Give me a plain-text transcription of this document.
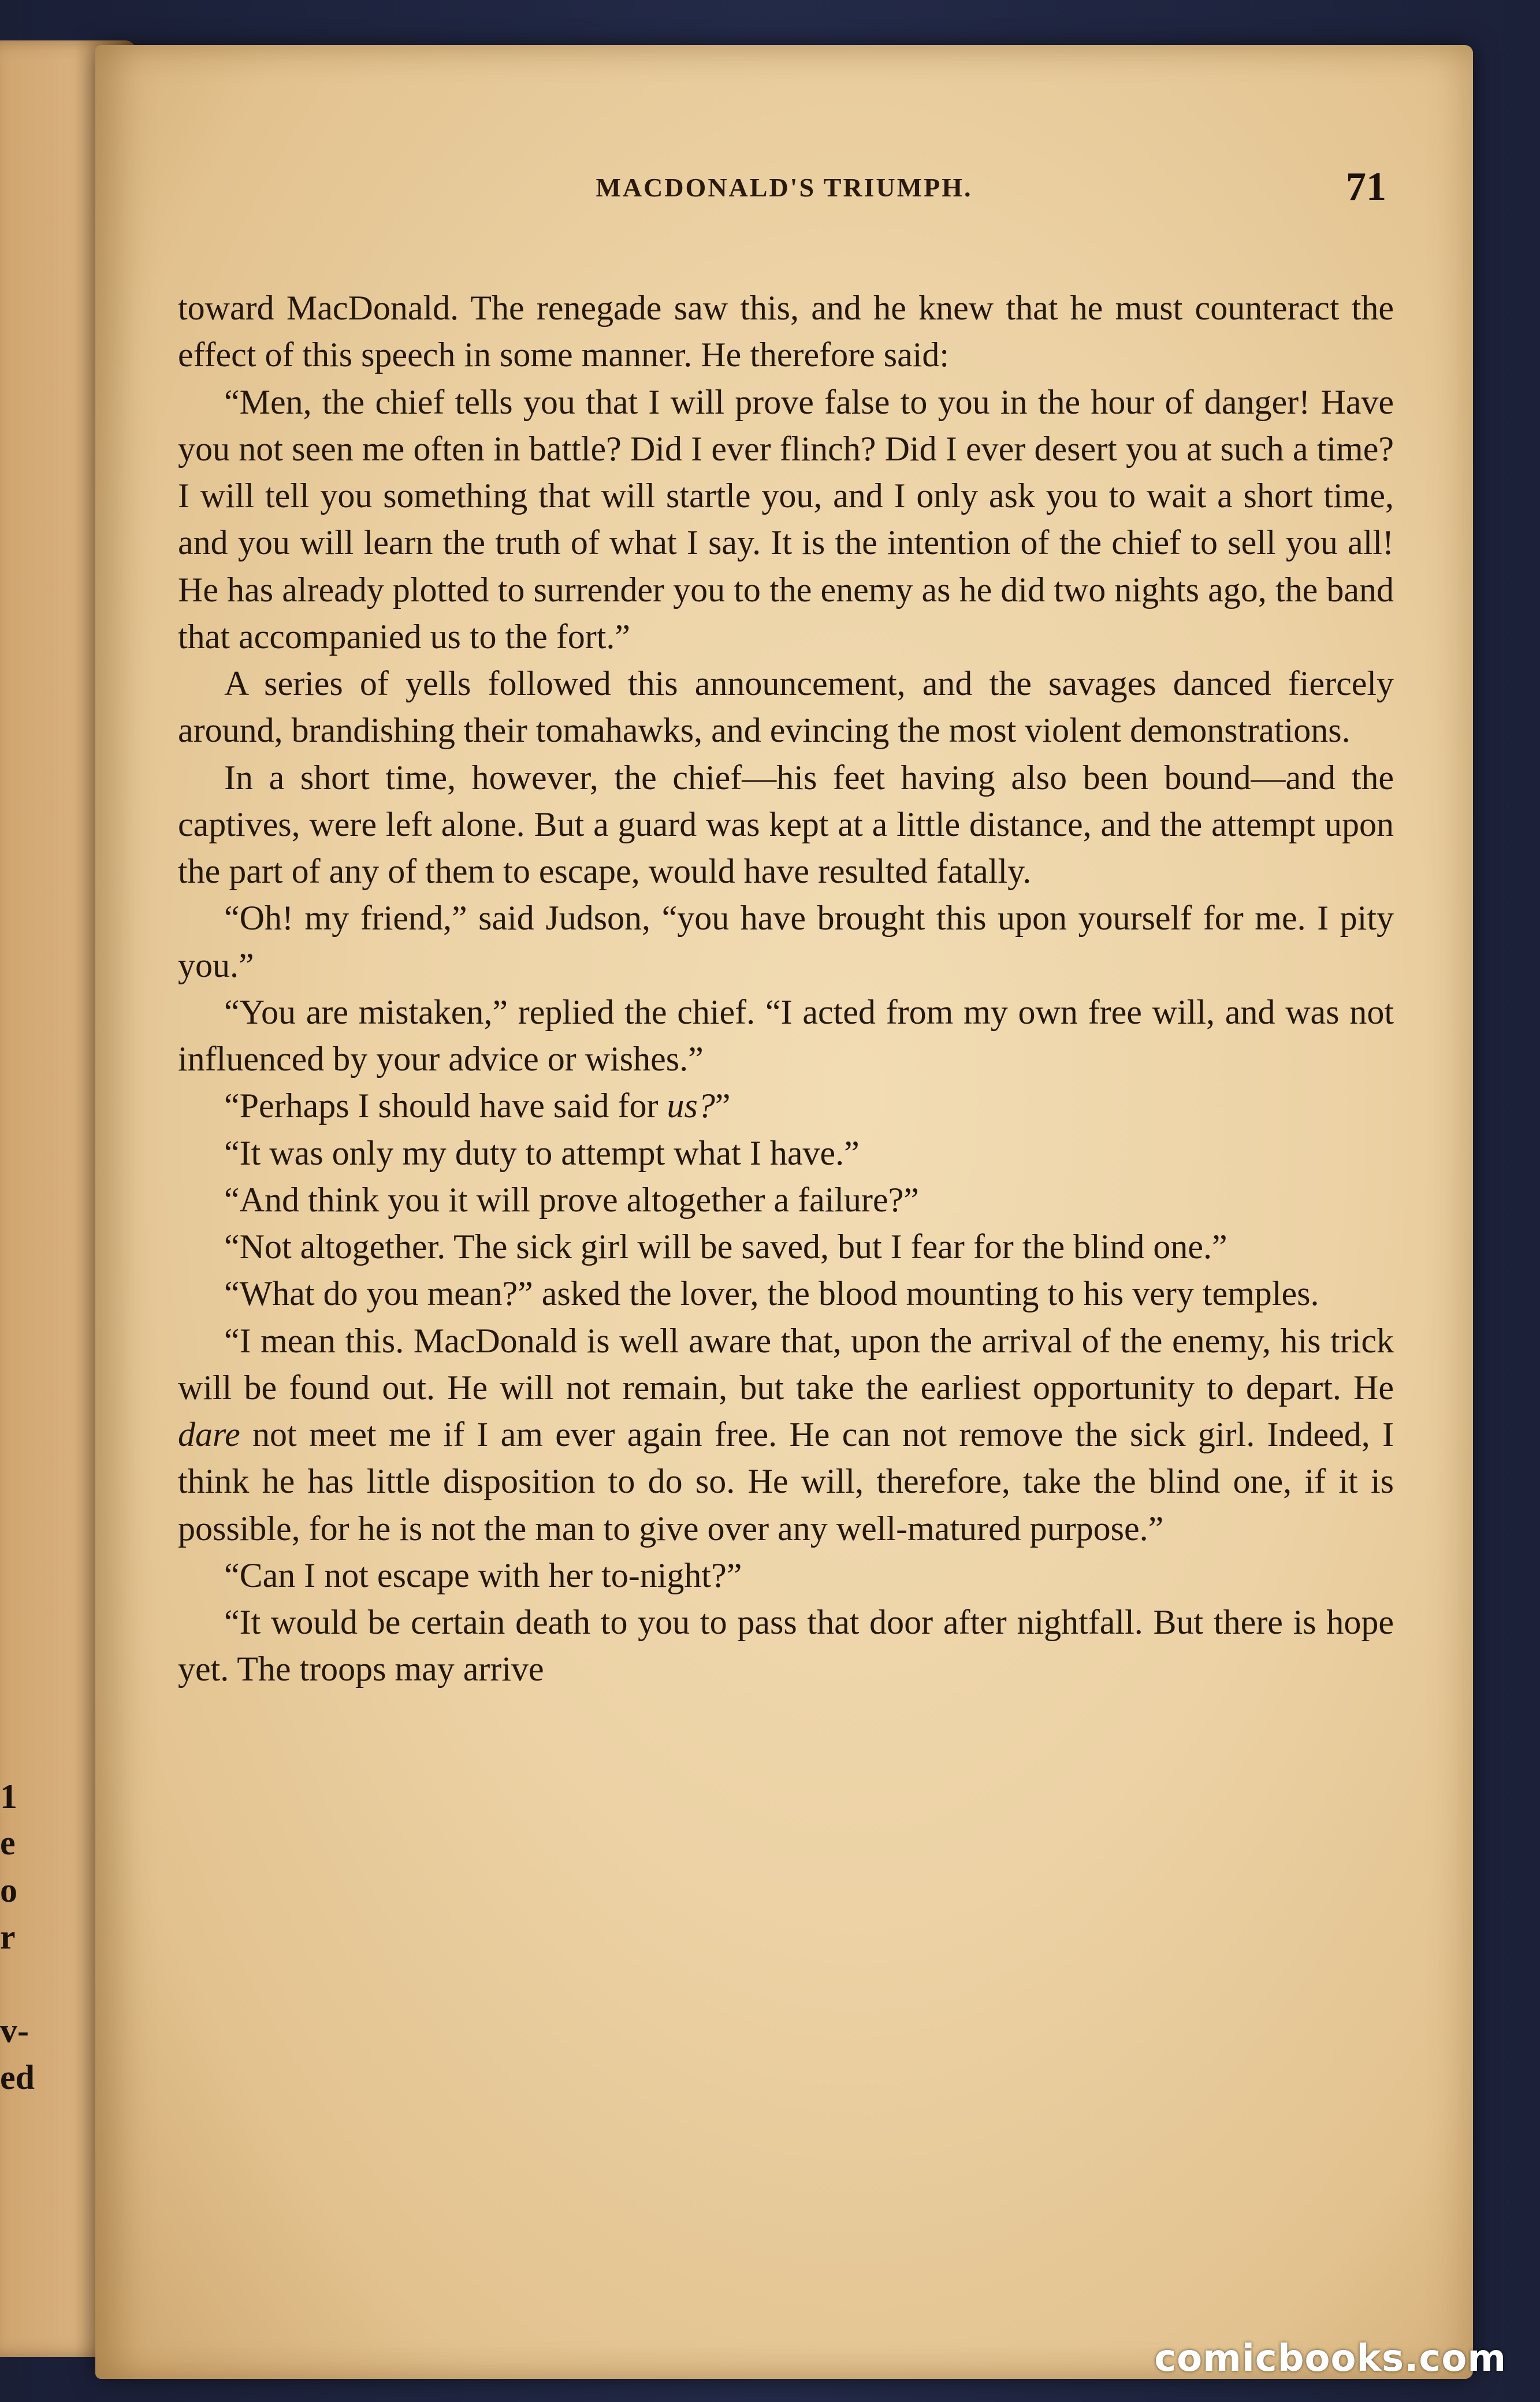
1
e
o
r
v-
ed
MACDONALD'S TRIUMPH.	71

toward MacDonald. The renegade saw this, and he knew that he must counteract the effect of this speech in some manner. He therefore said:

“Men, the chief tells you that I will prove false to you in the hour of danger! Have you not seen me often in battle? Did I ever flinch? Did I ever desert you at such a time? I will tell you something that will startle you, and I only ask you to wait a short time, and you will learn the truth of what I say. It is the intention of the chief to sell you all! He has already plotted to surrender you to the enemy as he did two nights ago, the band that accompanied us to the fort.”

A series of yells followed this announcement, and the savages danced fiercely around, brandishing their tomahawks, and evincing the most violent demonstrations.

In a short time, however, the chief—his feet having also been bound—and the captives, were left alone. But a guard was kept at a little distance, and the attempt upon the part of any of them to escape, would have resulted fatally.

“Oh! my friend,” said Judson, “you have brought this upon yourself for me. I pity you.”

“You are mistaken,” replied the chief. “I acted from my own free will, and was not influenced by your advice or wishes.”

“Perhaps I should have said for us?”

“It was only my duty to attempt what I have.”

“And think you it will prove altogether a failure?”

“Not altogether. The sick girl will be saved, but I fear for the blind one.”

“What do you mean?” asked the lover, the blood mounting to his very temples.

“I mean this. MacDonald is well aware that, upon the arrival of the enemy, his trick will be found out. He will not remain, but take the earliest opportunity to depart. He dare not meet me if I am ever again free. He can not remove the sick girl. Indeed, I think he has little disposition to do so. He will, therefore, take the blind one, if it is possible, for he is not the man to give over any well-matured purpose.”

“Can I not escape with her to-night?”

“It would be certain death to you to pass that door after nightfall. But there is hope yet. The troops may arrive

comicbooks.com
